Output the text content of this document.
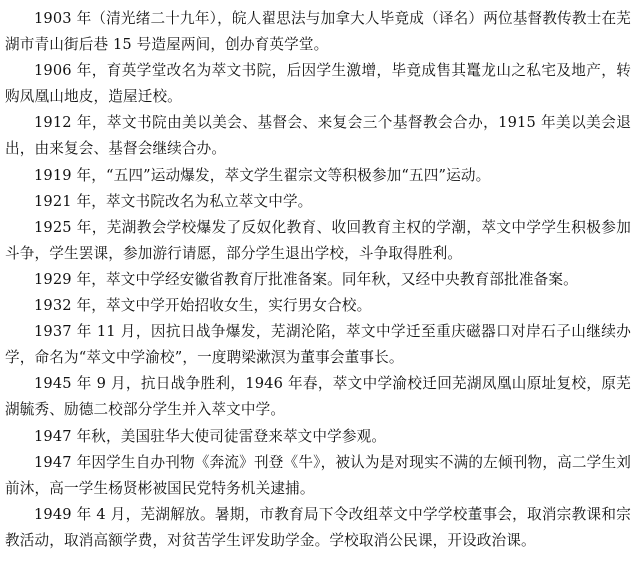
1903 年（清光绪二十九年），皖人翟思法与加拿大人毕竟成（译名）两位基督教传教士在芜湖市青山街后巷 15 号造屋两间，创办育英学堂。

1906 年，育英学堂改名为萃文书院，后因学生激增，毕竟成售其鼍龙山之私宅及地产，转购凤凰山地皮，造屋迁校。

1912 年，萃文书院由美以美会、基督会、来复会三个基督教会合办，1915 年美以美会退出，由来复会、基督会继续合办。

1919 年，“五四”运动爆发，萃文学生翟宗文等积极参加“五四”运动。

1921 年，萃文书院改名为私立萃文中学。

1925 年，芜湖教会学校爆发了反奴化教育、收回教育主权的学潮，萃文中学学生积极参加斗争，学生罢课，参加游行请愿，部分学生退出学校，斗争取得胜利。

1929 年，萃文中学经安徽省教育厅批准备案。同年秋，又经中央教育部批准备案。

1932 年，萃文中学开始招收女生，实行男女合校。

1937 年 11 月，因抗日战争爆发，芜湖沦陷，萃文中学迁至重庆磁器口对岸石子山继续办学，命名为“萃文中学渝校”，一度聘梁漱溟为董事会董事长。

1945 年 9 月，抗日战争胜利，1946 年春，萃文中学渝校迁回芜湖凤凰山原址复校，原芜湖毓秀、励德二校部分学生并入萃文中学。

1947 年秋，美国驻华大使司徒雷登来萃文中学参观。

1947 年因学生自办刊物《奔流》刊登《牛》，被认为是对现实不满的左倾刊物，高二学生刘前沐，高一学生杨贤彬被国民党特务机关逮捕。

1949 年 4 月，芜湖解放。暑期，市教育局下令改组萃文中学学校董事会，取消宗教课和宗教活动，取消高额学费，对贫苦学生评发助学金。学校取消公民课，开设政治课。
